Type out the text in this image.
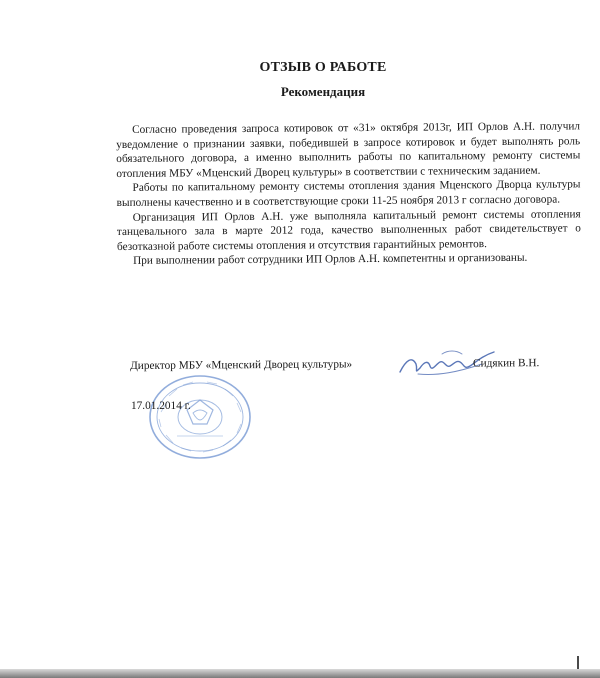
ОТЗЫВ О РАБОТЕ
Рекомендация

Согласно проведения запроса котировок от «31» октября 2013г, ИП Орлов А.Н. получил уведомление о признании заявки, победившей в запросе котировок и будет выполнять роль обязательного договора, а именно выполнить работы по капитальному ремонту системы отопления МБУ «Мценский Дворец культуры» в соответствии с техническим заданием.

Работы по капитальному ремонту системы отопления здания Мценского Дворца культуры выполнены качественно и в соответствующие сроки 11-25 ноября 2013 г согласно договора.

Организация ИП Орлов А.Н. уже выполняла капитальный ремонт системы отопления танцевального зала в марте 2012 года, качество выполненных работ свидетельствует о безотказной работе системы отопления и отсутствия гарантийных ремонтов.

При выполнении работ сотрудники ИП Орлов А.Н. компетентны и организованы.

Директор МБУ «Мценский Дворец культуры»	Сидякин В.Н.
17.01.2014 г.
